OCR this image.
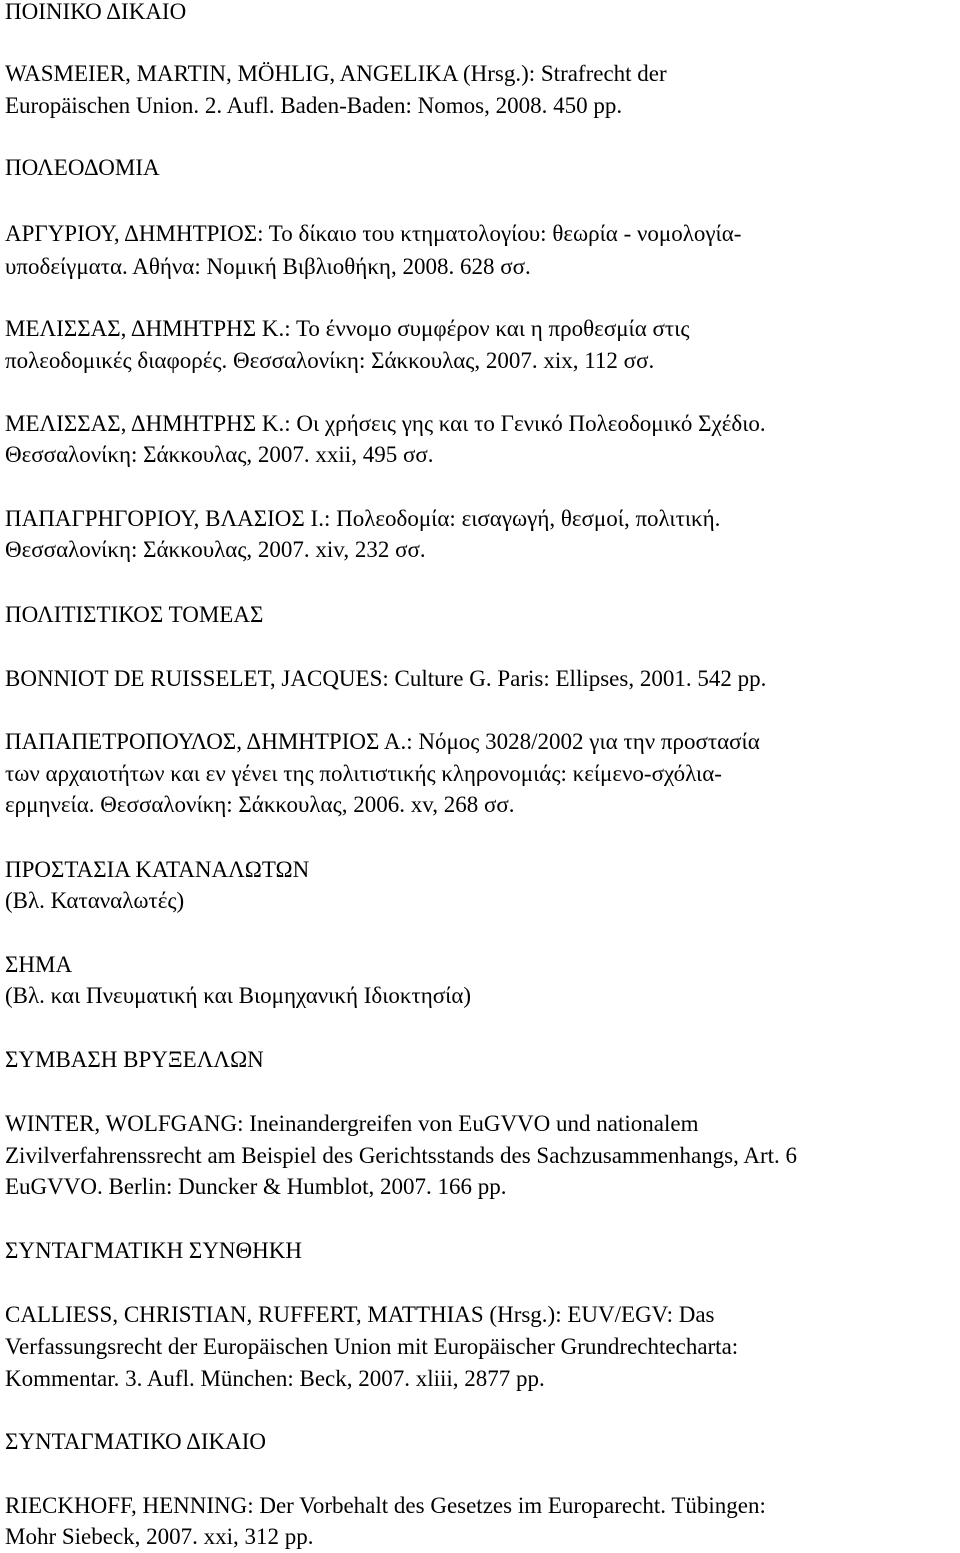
ΠΟΙΝΙΚΟ ΔΙΚΑΙΟ
WASMEIER, MARTIN, MÖHLIG, ANGELIKA (Hrsg.): Strafrecht der
Europäischen Union. 2. Aufl. Baden-Baden: Nomos, 2008. 450 pp.
ΠΟΛΕΟΔΟΜΙΑ
ΑΡΓΥΡΙΟΥ, ΔΗΜΗΤΡΙΟΣ: Το δίκαιο του κτηματολογίου: θεωρία - νομολογία-
υποδείγματα. Αθήνα: Νομική Βιβλιοθήκη, 2008. 628 σσ.
ΜΕΛΙΣΣΑΣ, ΔΗΜΗΤΡΗΣ Κ.: Το έννομο συμφέρον και η προθεσμία στις
πολεοδομικές διαφορές. Θεσσαλονίκη: Σάκκουλας, 2007. xix, 112 σσ.
ΜΕΛΙΣΣΑΣ, ΔΗΜΗΤΡΗΣ Κ.: Οι χρήσεις γης και το Γενικό Πολεοδομικό Σχέδιο.
Θεσσαλονίκη: Σάκκουλας, 2007. xxii, 495 σσ.
ΠΑΠΑΓΡΗΓΟΡΙΟΥ, ΒΛΑΣΙΟΣ Ι.: Πολεοδομία: εισαγωγή, θεσμοί, πολιτική.
Θεσσαλονίκη: Σάκκουλας, 2007. xiv, 232 σσ.
ΠΟΛΙΤΙΣΤΙΚΟΣ ΤΟΜΕΑΣ
BONNIOT DE RUISSELET, JACQUES: Culture G. Paris: Ellipses, 2001. 542 pp.
ΠΑΠΑΠΕΤΡΟΠΟΥΛΟΣ, ΔΗΜΗΤΡΙΟΣ Α.: Νόμος 3028/2002 για την προστασία
των αρχαιοτήτων και εν γένει της πολιτιστικής κληρονομιάς: κείμενο-σχόλια-
ερμηνεία. Θεσσαλονίκη: Σάκκουλας, 2006. xv, 268 σσ.
ΠΡΟΣΤΑΣΙΑ ΚΑΤΑΝΑΛΩΤΩΝ
(Βλ. Καταναλωτές)
ΣΗΜΑ
(Βλ. και Πνευματική και Βιομηχανική Ιδιοκτησία)
ΣΥΜΒΑΣΗ ΒΡΥΞΕΛΛΩΝ
WINTER, WOLFGANG: Ineinandergreifen von EuGVVO und nationalem
Zivilverfahrenssrecht am Beispiel des Gerichtsstands des Sachzusammenhangs, Art. 6
EuGVVO. Berlin: Duncker & Humblot, 2007. 166 pp.
ΣΥΝΤΑΓΜΑΤΙΚΗ ΣΥΝΘΗΚΗ
CALLIESS, CHRISTIAN, RUFFERT, MATTHIAS (Hrsg.): EUV/EGV: Das
Verfassungsrecht der Europäischen Union mit Europäischer Grundrechtecharta:
Kommentar. 3. Aufl. München: Beck, 2007. xliii, 2877 pp.
ΣΥΝΤΑΓΜΑΤΙΚΟ ΔΙΚΑΙΟ
RIECKHOFF, HENNING: Der Vorbehalt des Gesetzes im Europarecht. Tübingen:
Mohr Siebeck, 2007. xxi, 312 pp.
